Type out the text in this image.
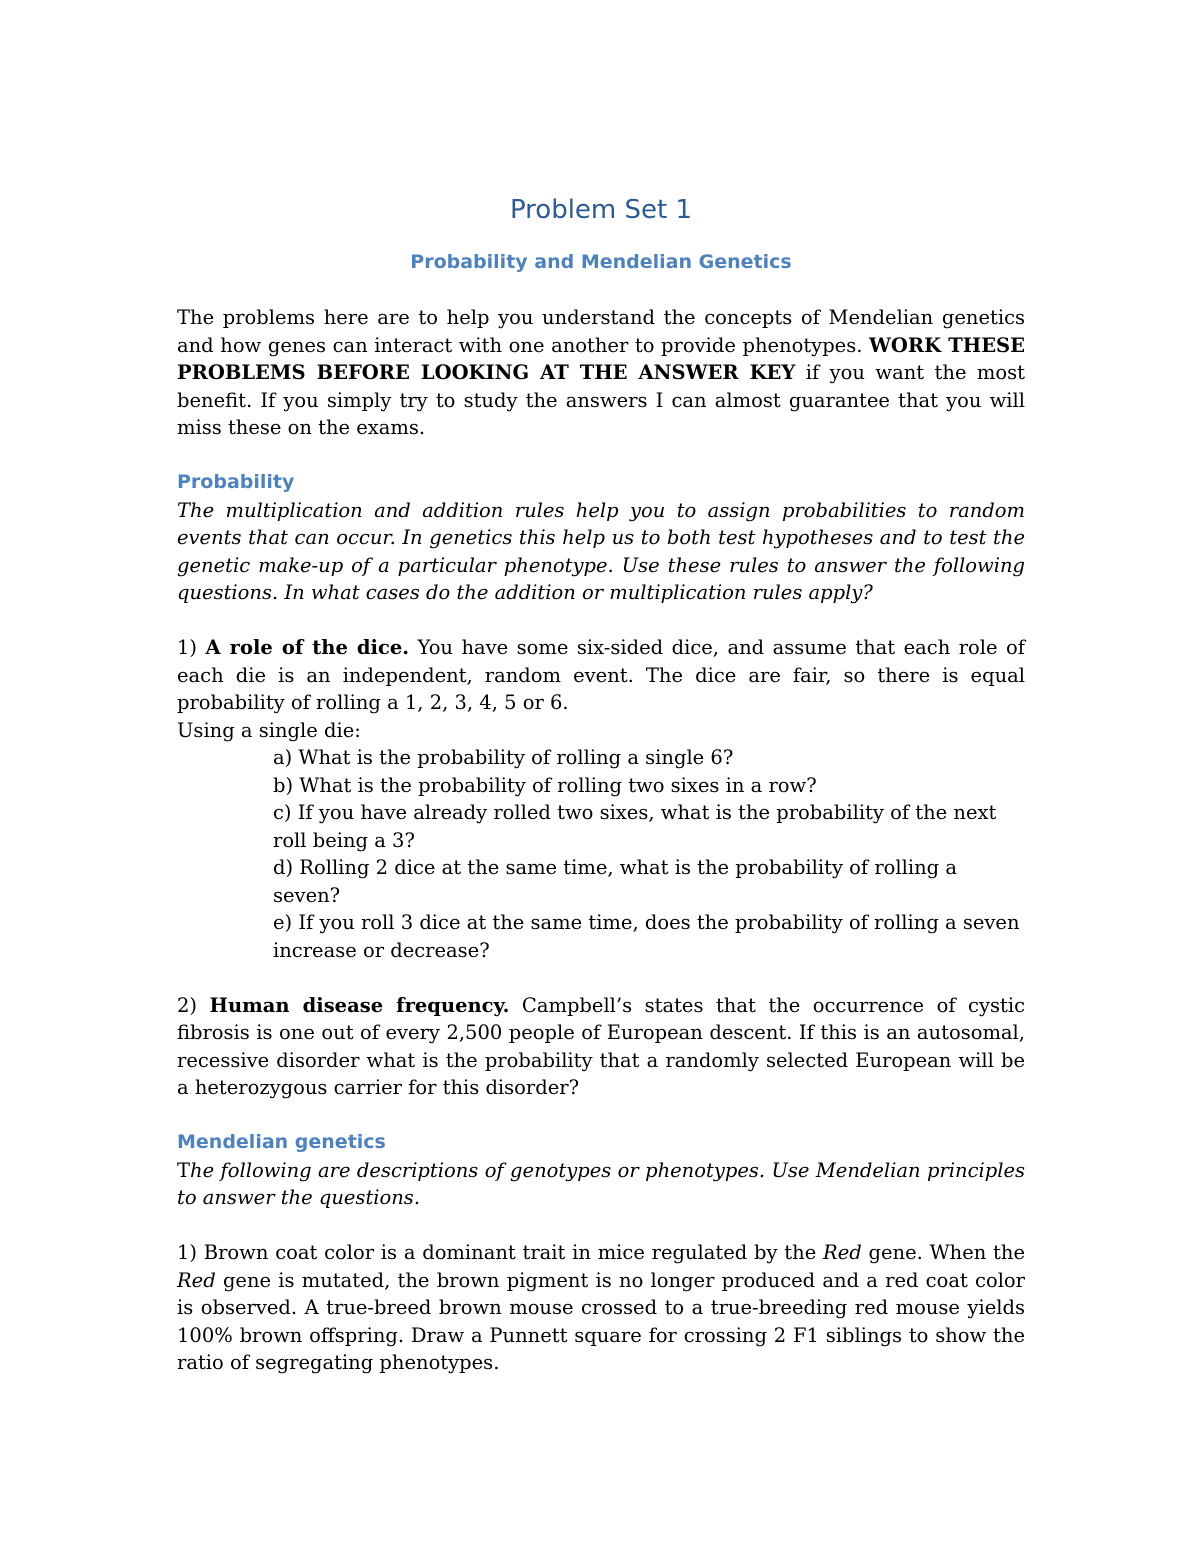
Problem Set 1
Probability and Mendelian Genetics

The problems here are to help you understand the concepts of Mendelian genetics and how genes can interact with one another to provide phenotypes. WORK THESE PROBLEMS BEFORE LOOKING AT THE ANSWER KEY if you want the most benefit. If you simply try to study the answers I can almost guarantee that you will miss these on the exams.

Probability

The multiplication and addition rules help you to assign probabilities to random events that can occur. In genetics this help us to both test hypotheses and to test the genetic make-up of a particular phenotype. Use these rules to answer the following questions. In what cases do the addition or multiplication rules apply?

1) A role of the dice. You have some six-sided dice, and assume that each role of each die is an independent, random event. The dice are fair, so there is equal probability of rolling a 1, 2, 3, 4, 5 or 6.

Using a single die:

a) What is the probability of rolling a single 6?

b) What is the probability of rolling two sixes in a row?

c) If you have already rolled two sixes, what is the probability of the next roll being a 3?

d) Rolling 2 dice at the same time, what is the probability of rolling a seven?

e) If you roll 3 dice at the same time, does the probability of rolling a seven increase or decrease?

2) Human disease frequency. Campbell’s states that the occurrence of cystic fibrosis is one out of every 2,500 people of European descent. If this is an autosomal, recessive disorder what is the probability that a randomly selected European will be a heterozygous carrier for this disorder?

Mendelian genetics

The following are descriptions of genotypes or phenotypes. Use Mendelian principles to answer the questions.

1) Brown coat color is a dominant trait in mice regulated by the Red gene. When the Red gene is mutated, the brown pigment is no longer produced and a red coat color is observed. A true-breed brown mouse crossed to a true-breeding red mouse yields 100% brown offspring. Draw a Punnett square for crossing 2 F1 siblings to show the ratio of segregating phenotypes.
